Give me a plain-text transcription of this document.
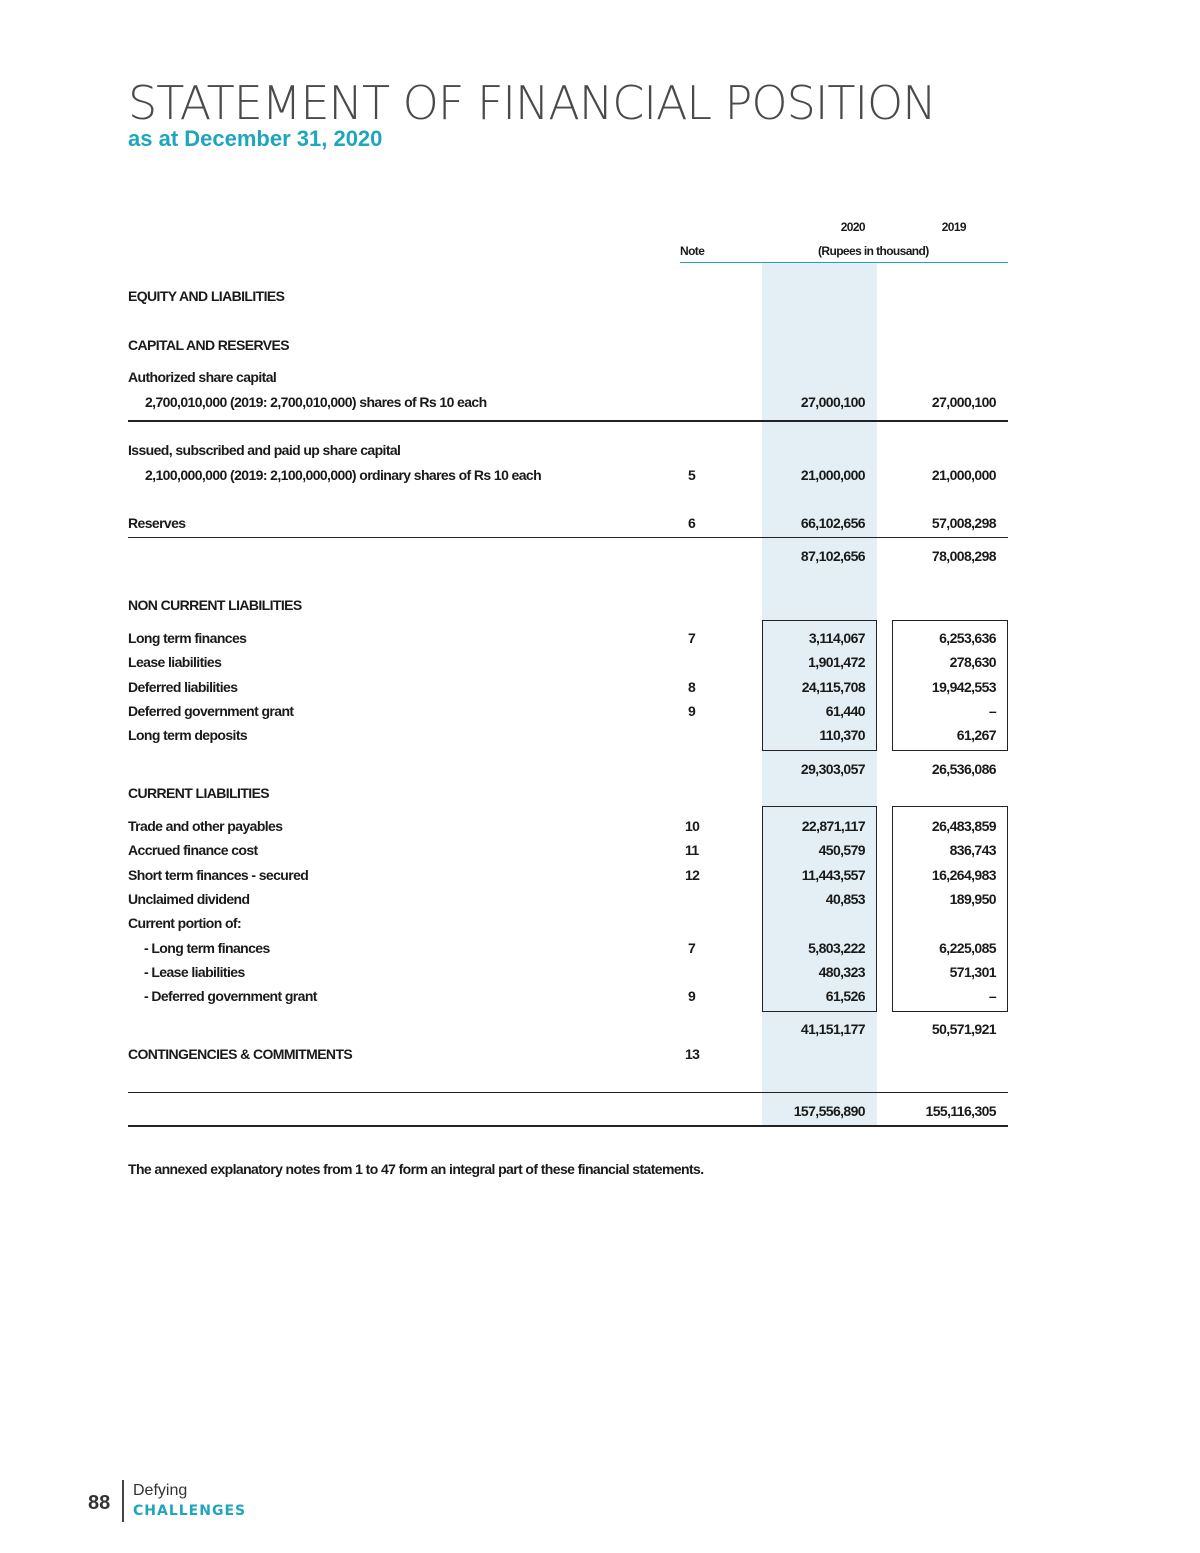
STATEMENT OF FINANCIAL POSITION
as at December 31, 2020
2020	2019
Note	(Rupees in thousand)
EQUITY AND LIABILITIES
CAPITAL AND RESERVES
Authorized share capital
2,700,010,000 (2019: 2,700,010,000) shares of Rs 10 each	27,000,100	27,000,100
Issued, subscribed and paid up share capital
2,100,000,000 (2019: 2,100,000,000) ordinary shares of Rs 10 each	5	21,000,000	21,000,000
Reserves	6	66,102,656	57,008,298
87,102,656	78,008,298
NON CURRENT LIABILITIES
Long term finances	7	3,114,067	6,253,636
Lease liabilities	1,901,472	278,630
Deferred liabilities	8	24,115,708	19,942,553
Deferred government grant	9	61,440	–
Long term deposits	110,370	61,267
29,303,057	26,536,086
CURRENT LIABILITIES
Trade and other payables	10	22,871,117	26,483,859
Accrued finance cost	11	450,579	836,743
Short term finances - secured	12	11,443,557	16,264,983
Unclaimed dividend	40,853	189,950
Current portion of:
- Long term finances	7	5,803,222	6,225,085
- Lease liabilities	480,323	571,301
- Deferred government grant	9	61,526	–
41,151,177	50,571,921
CONTINGENCIES & COMMITMENTS	13
157,556,890	155,116,305
The annexed explanatory notes from 1 to 47 form an integral part of these financial statements.
88
Defying
CHALLENGES
